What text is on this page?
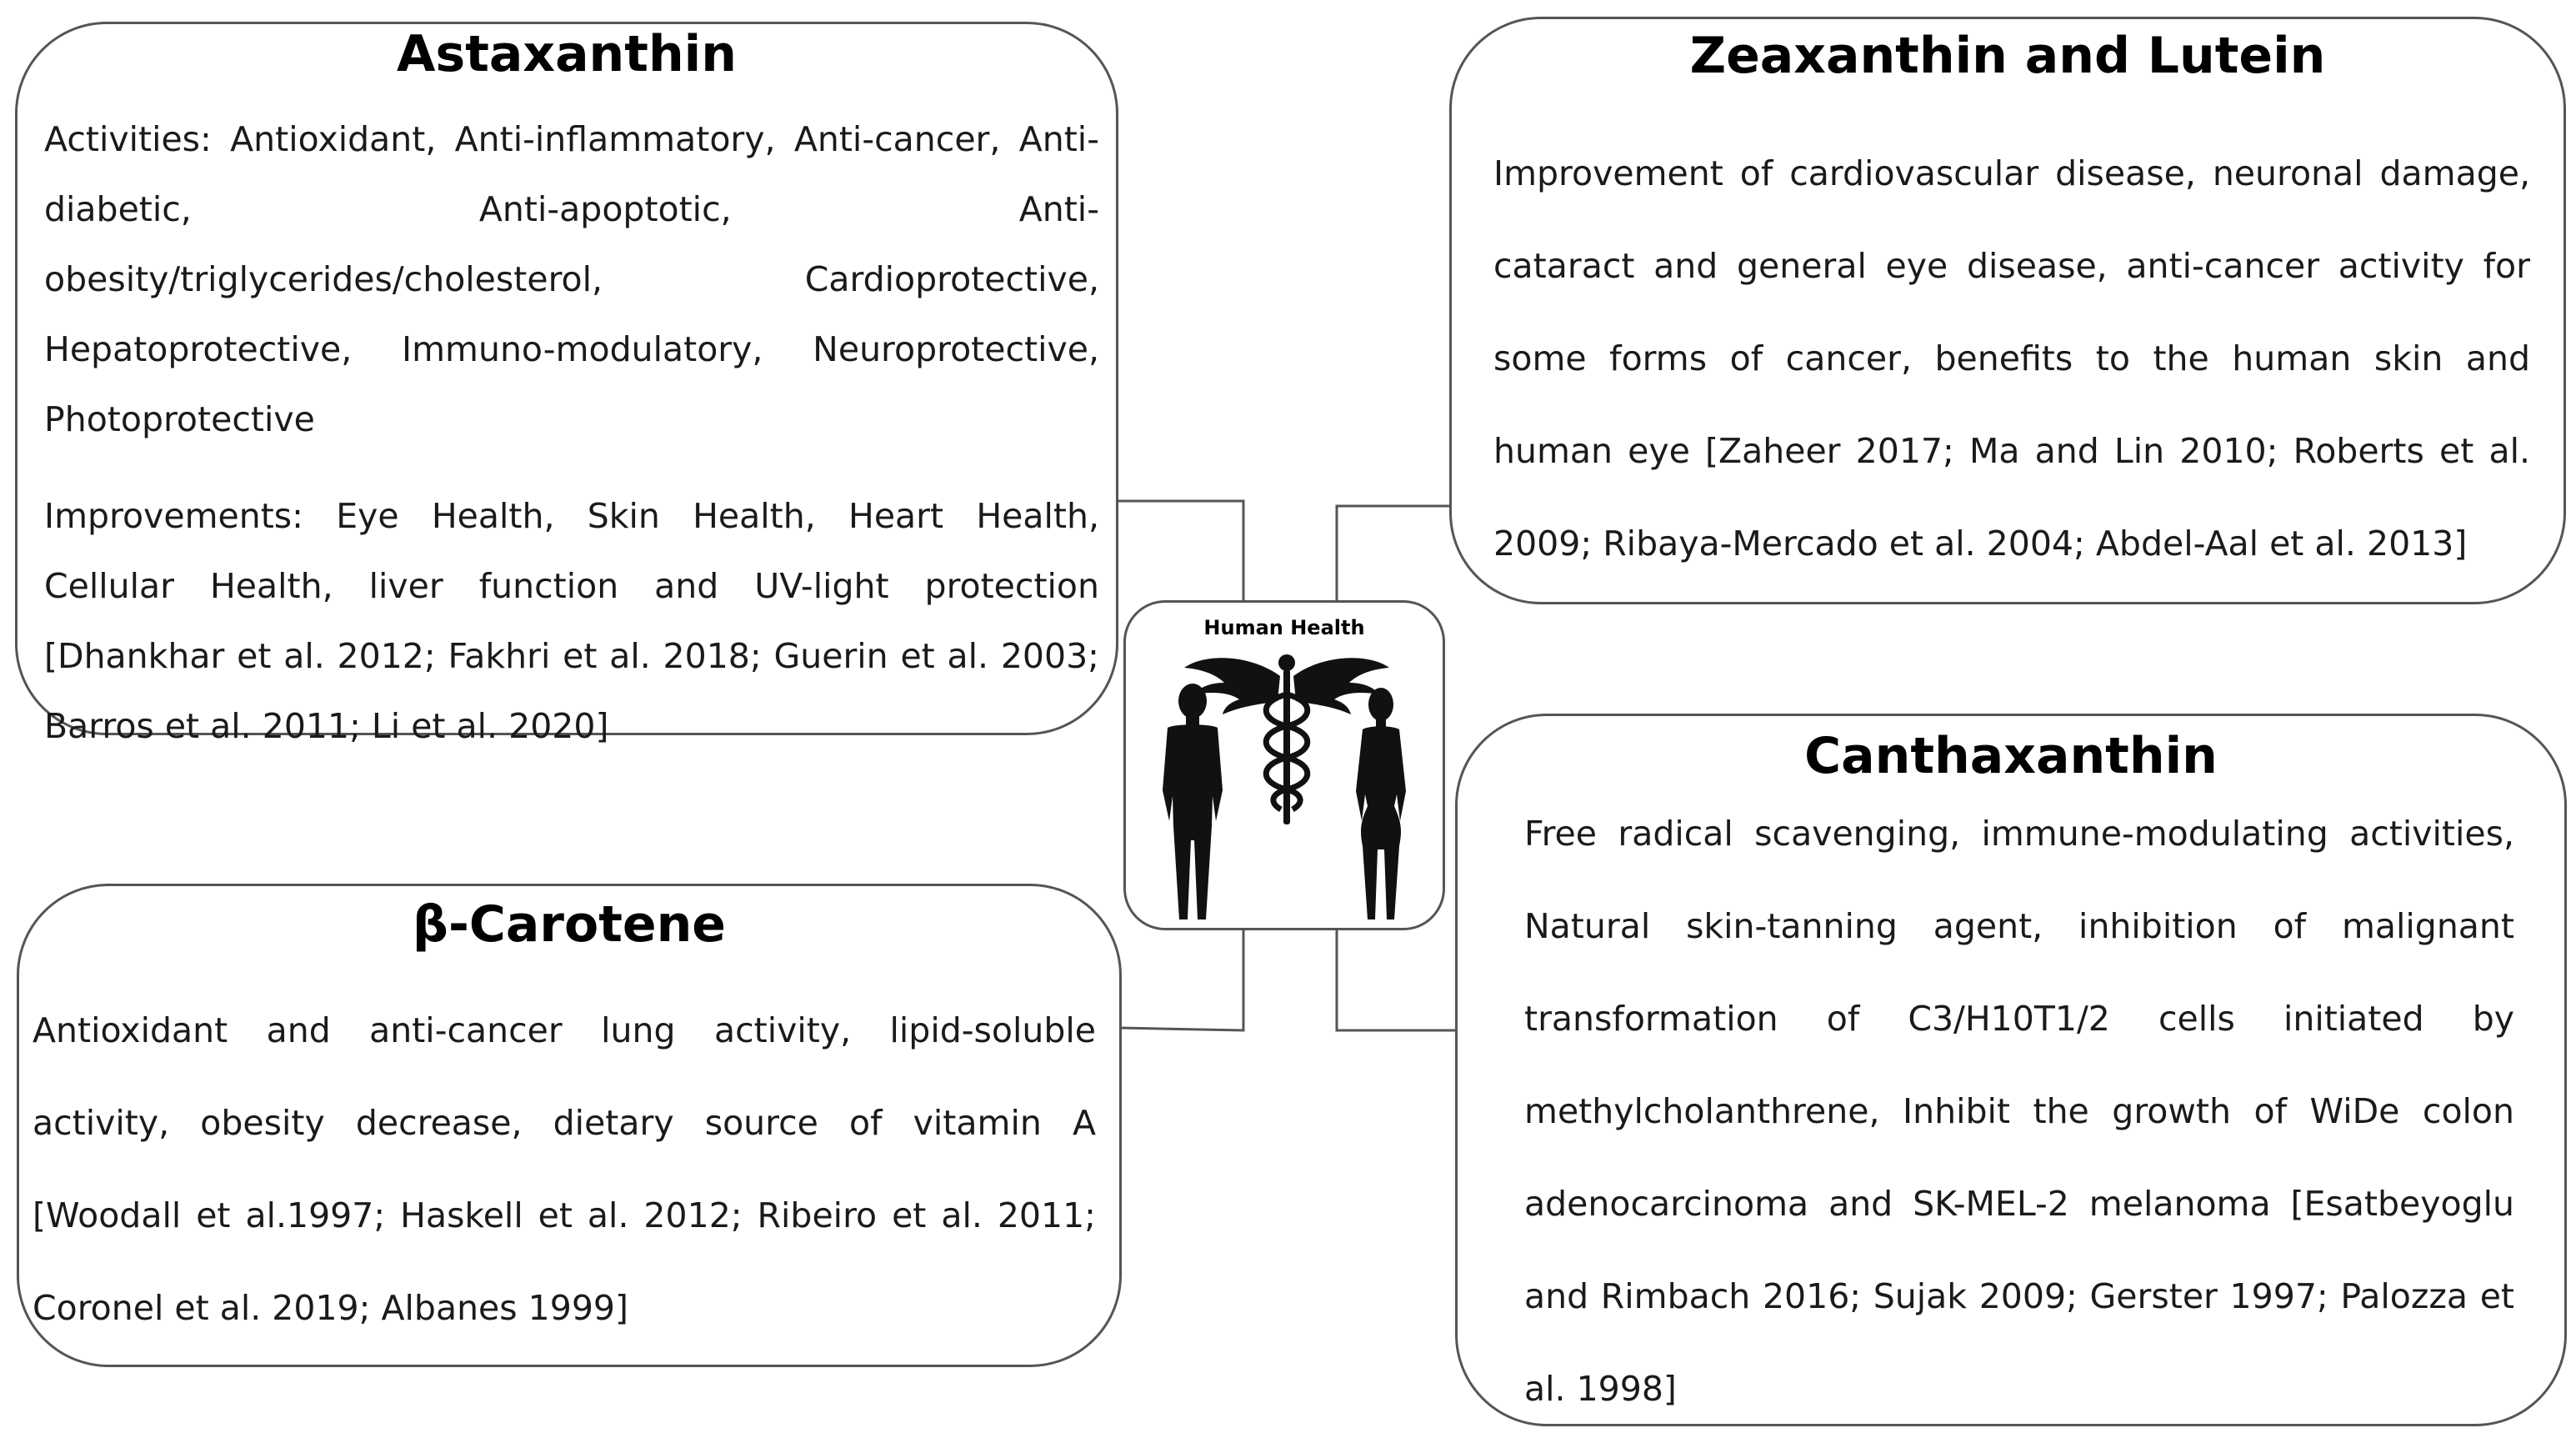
Astaxanthin

Activities: Antioxidant, Anti-inflammatory, Anti-cancer, Anti-diabetic, Anti-apoptotic, Anti-obesity/triglycerides/cholesterol, Cardioprotective, Hepatoprotective, Immuno-modulatory, Neuroprotective, Photoprotective

Improvements: Eye Health, Skin Health, Heart Health, Cellular Health, liver function and UV-light protection [Dhankhar et al. 2012; Fakhri et al. 2018; Guerin et al. 2003; Barros et al. 2011; Li et al. 2020]

Zeaxanthin and Lutein

Improvement of cardiovascular disease, neuronal damage, cataract and general eye disease, anti-cancer activity for some forms of cancer, benefits to the human skin and human eye [Zaheer 2017; Ma and Lin 2010; Roberts et al. 2009; Ribaya-Mercado et al. 2004; Abdel-Aal et al. 2013]

β-Carotene

Antioxidant and anti-cancer lung activity, lipid-soluble activity, obesity decrease, dietary source of vitamin A [Woodall et al.1997; Haskell et al. 2012; Ribeiro et al. 2011; Coronel et al. 2019; Albanes 1999]

Canthaxanthin

Free radical scavenging, immune-modulating activities, Natural skin-tanning agent, inhibition of malignant transformation of C3/H10T1/2 cells initiated by methylcholanthrene, Inhibit the growth of WiDe colon adenocarcinoma and SK-MEL-2 melanoma [Esatbeyoglu and Rimbach 2016; Sujak 2009; Gerster 1997; Palozza et al. 1998]

Human Health
